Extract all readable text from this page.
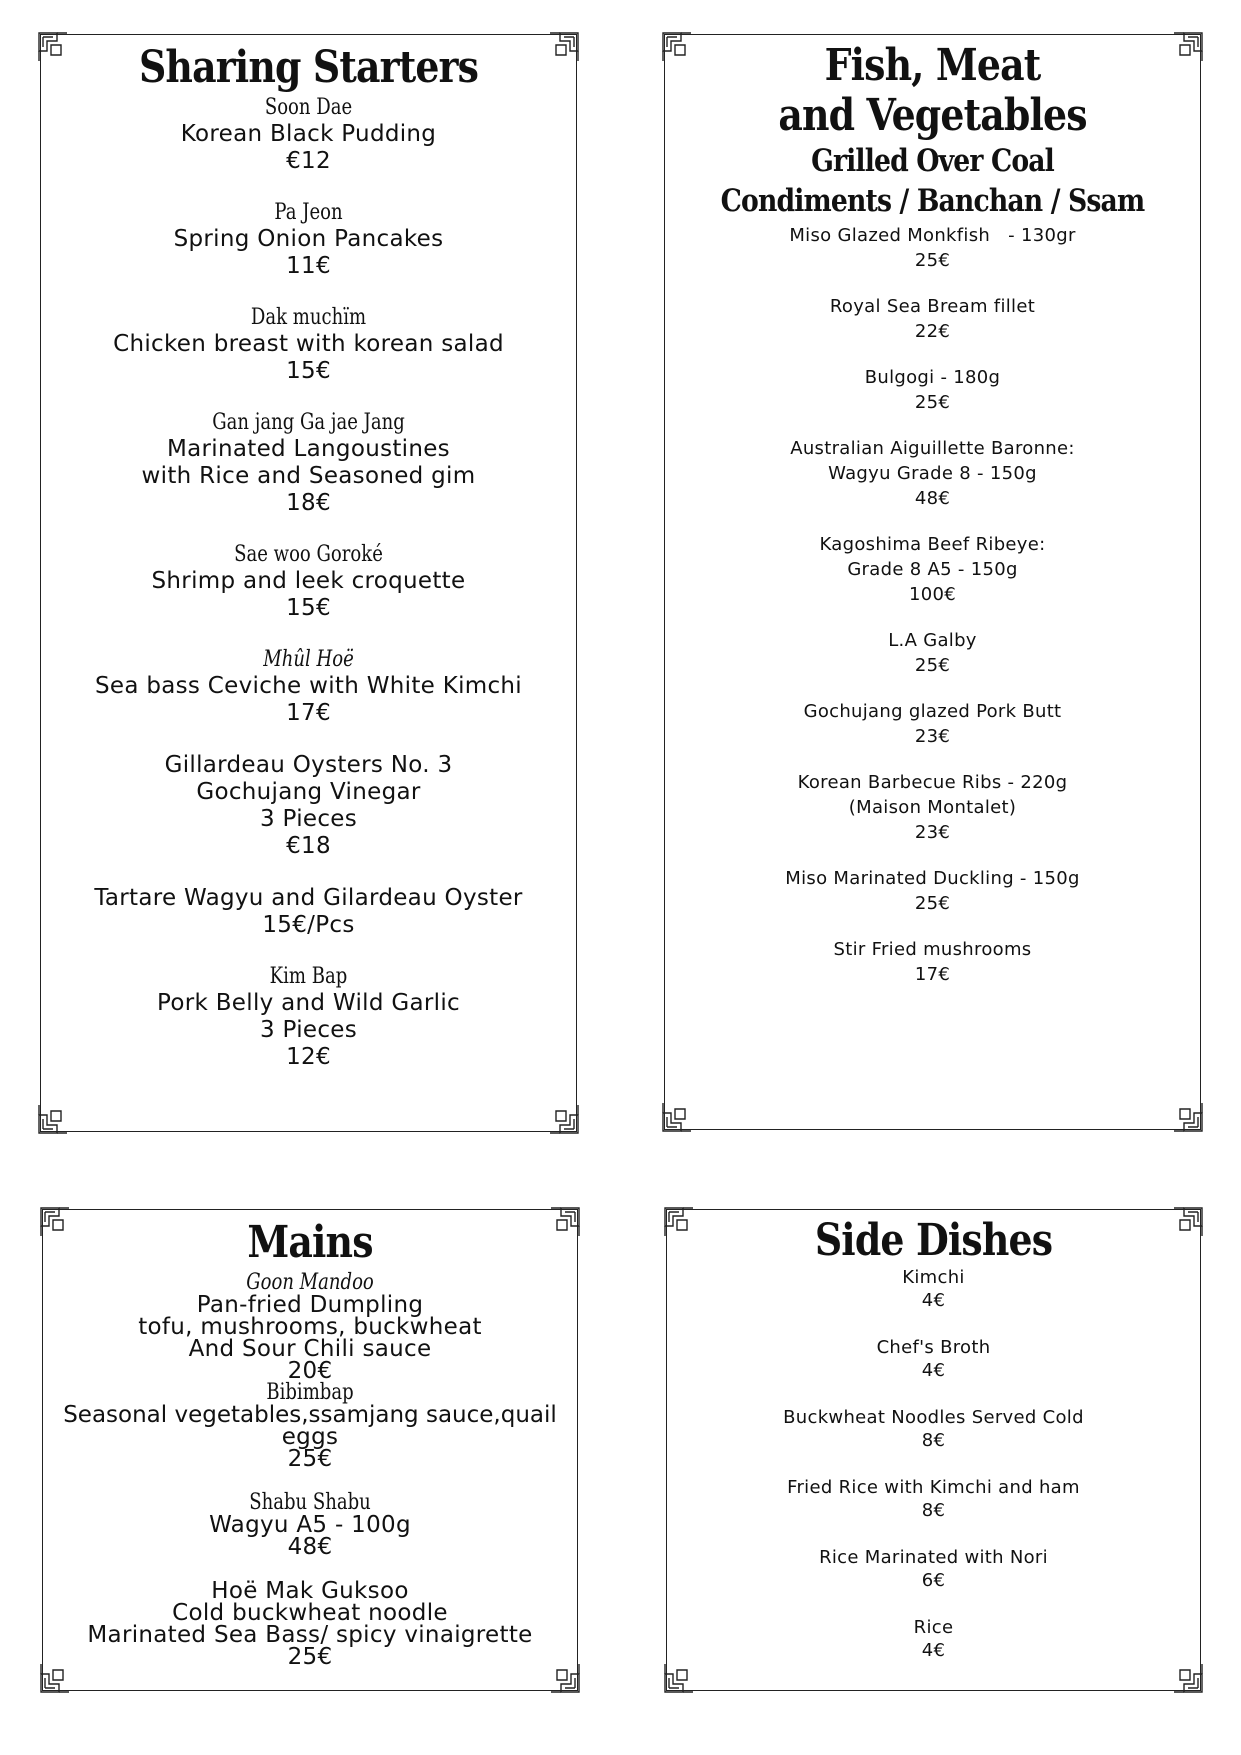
Sharing Starters
Soon Dae
Korean Black Pudding
€12
Pa Jeon
Spring Onion Pancakes
11€
Dak muchïm
Chicken breast with korean salad
15€
Gan jang Ga jae Jang
Marinated Langoustines
with Rice and Seasoned gim
18€
Sae woo Goroké
Shrimp and leek croquette
15€
Mhûl Hoë
Sea bass Ceviche with White Kimchi
17€
Gillardeau Oysters No. 3
Gochujang Vinegar
3 Pieces
€18
Tartare Wagyu and Gilardeau Oyster
15€/Pcs
Kim Bap
Pork Belly and Wild Garlic
3 Pieces
12€
Fish, Meat
and Vegetables
Grilled Over Coal
Condiments / Banchan / Ssam
Miso Glazed Monkfish   - 130gr
25€
Royal Sea Bream fillet
22€
Bulgogi - 180g
25€
Australian Aiguillette Baronne:
Wagyu Grade 8 - 150g
48€
Kagoshima Beef Ribeye:
Grade 8 A5 - 150g
100€
L.A Galby
25€
Gochujang glazed Pork Butt
23€
Korean Barbecue Ribs - 220g
(Maison Montalet)
23€
Miso Marinated Duckling - 150g
25€
Stir Fried mushrooms
17€
Mains
Goon Mandoo
Pan-fried Dumpling
tofu, mushrooms, buckwheat
And Sour Chili sauce
20€
Bibimbap
Seasonal vegetables,ssamjang sauce,quail
eggs
25€
Shabu Shabu
Wagyu A5 - 100g
48€
Hoë Mak Guksoo
Cold buckwheat noodle
Marinated Sea Bass/ spicy vinaigrette
25€
Side Dishes
Kimchi
4€
Chef's Broth
4€
Buckwheat Noodles Served Cold
8€
Fried Rice with Kimchi and ham
8€
Rice Marinated with Nori
6€
Rice
4€
